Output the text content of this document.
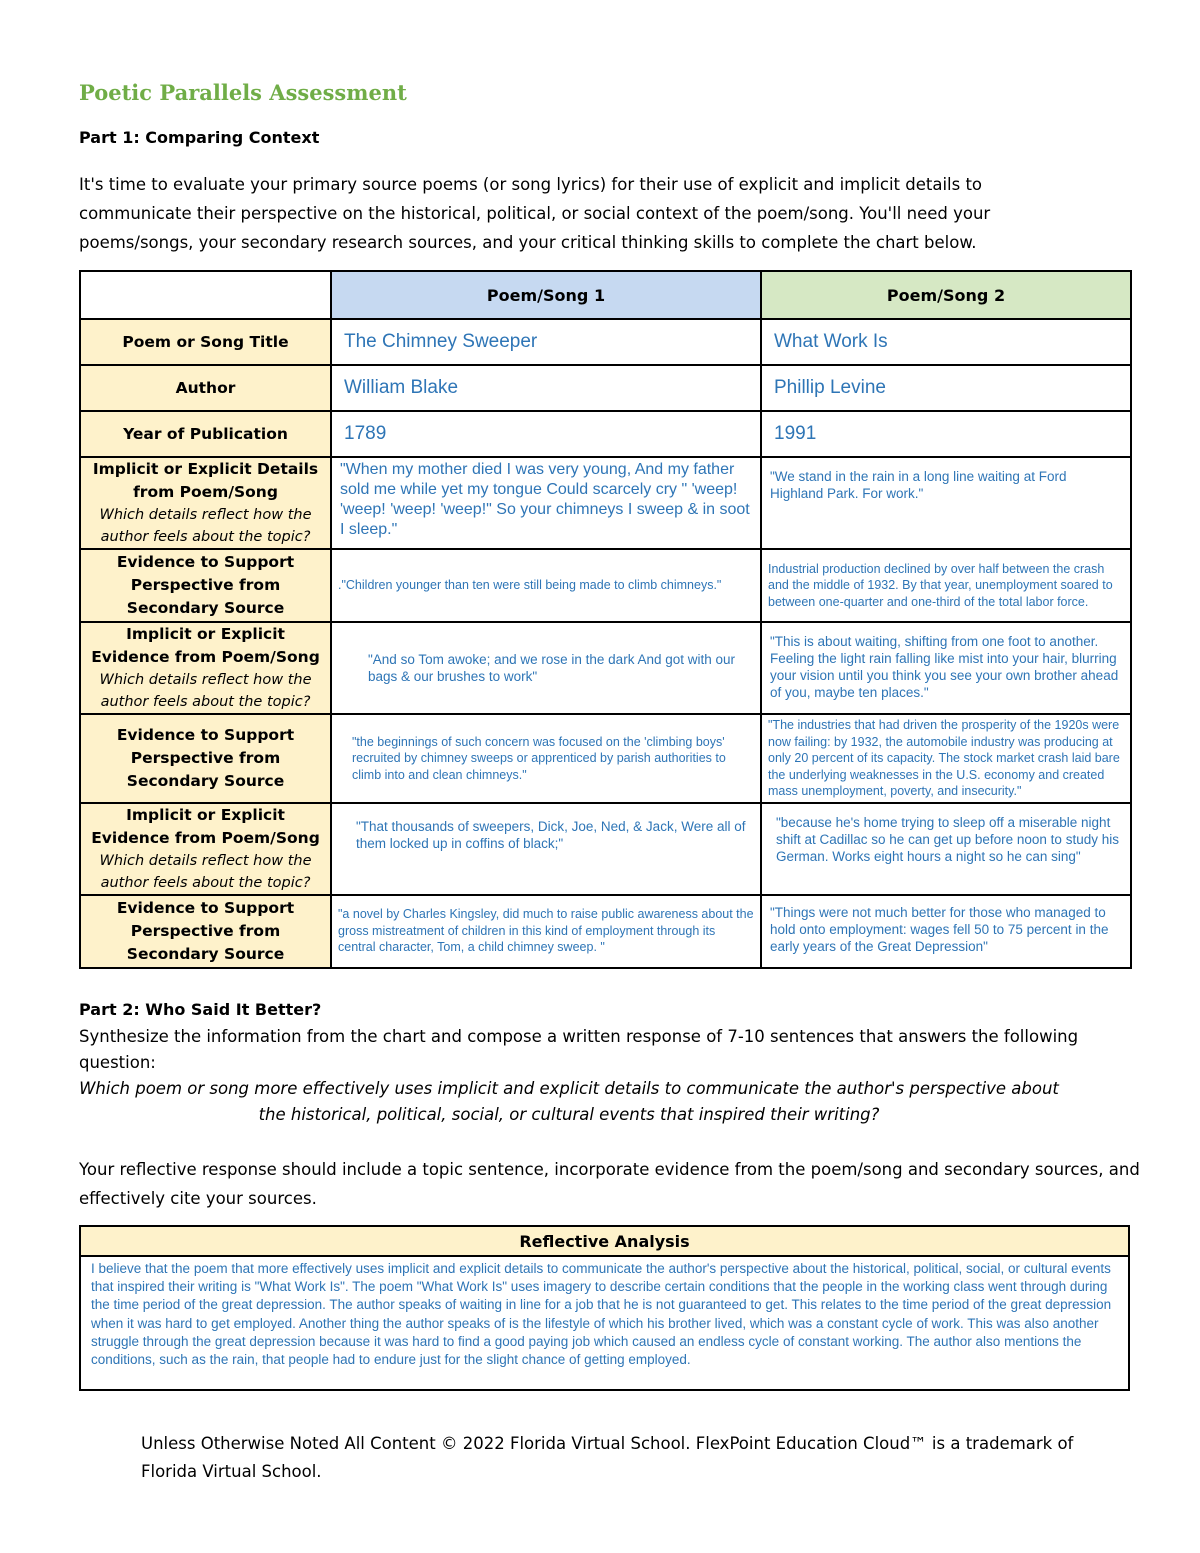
Poetic Parallels Assessment
Part 1: Comparing Context
It's time to evaluate your primary source poems (or song lyrics) for their use of explicit and implicit details to
communicate their perspective on the historical, political, or social context of the poem/song. You'll need your
poems/songs, your secondary research sources, and your critical thinking skills to complete the chart below.
	Poem/Song 1	Poem/Song 2

Poem or Song Title	The Chimney Sweeper	What Work Is

Author	William Blake	Phillip Levine

Year of Publication	1789	1991

Implicit or Explicit Details from Poem/Song
Which details reflect how the author feels about the topic?	"When my mother died I was very young, And my father sold me while yet my tongue Could scarcely cry " 'weep! 'weep! 'weep! 'weep!" So your chimneys I sweep & in soot I sleep."	"We stand in the rain in a long line waiting at Ford Highland Park. For work."

Evidence to Support Perspective from Secondary Source	."Children younger than ten were still being made to climb chimneys."	Industrial production declined by over half between the crash and the middle of 1932. By that year, unemployment soared to between one-quarter and one-third of the total labor force.

Implicit or Explicit Evidence from Poem/Song
Which details reflect how the author feels about the topic?	"And so Tom awoke; and we rose in the dark And got with our bags & our brushes to work"	"This is about waiting, shifting from one foot to another. Feeling the light rain falling like mist into your hair, blurring your vision until you think you see your own brother ahead of you, maybe ten places."

Evidence to Support Perspective from Secondary Source	"the beginnings of such concern was focused on the 'climbing boys' recruited by chimney sweeps or apprenticed by parish authorities to climb into and clean chimneys."	"The industries that had driven the prosperity of the 1920s were now failing: by 1932, the automobile industry was producing at only 20 percent of its capacity. The stock market crash laid bare the underlying weaknesses in the U.S. economy and created mass unemployment, poverty, and insecurity."

Implicit or Explicit Evidence from Poem/Song
Which details reflect how the author feels about the topic?	"That thousands of sweepers, Dick, Joe, Ned, & Jack, Were all of them locked up in coffins of black;"	"because he's home trying to sleep off a miserable night shift at Cadillac so he can get up before noon to study his German. Works eight hours a night so he can sing"

Evidence to Support Perspective from Secondary Source	"a novel by Charles Kingsley, did much to raise public awareness about the gross mistreatment of children in this kind of employment through its central character, Tom, a child chimney sweep. "	"Things were not much better for those who managed to hold onto employment: wages fell 50 to 75 percent in the early years of the Great Depression"
Part 2: Who Said It Better?
Synthesize the information from the chart and compose a written response of 7-10 sentences that answers the following question:
Which poem or song more effectively uses implicit and explicit details to communicate the author's perspective about the historical, political, social, or cultural events that inspired their writing?
Your reflective response should include a topic sentence, incorporate evidence from the poem/song and secondary sources, and effectively cite your sources.
Reflective Analysis
I believe that the poem that more effectively uses implicit and explicit details to communicate the author's perspective about the historical, political, social, or cultural events that inspired their writing is "What Work Is". The poem "What Work Is" uses imagery to describe certain conditions that the people in the working class went through during the time period of the great depression. The author speaks of waiting in line for a job that he is not guaranteed to get. This relates to the time period of the great depression when it was hard to get employed. Another thing the author speaks of is the lifestyle of which his brother lived, which was a constant cycle of work. This was also another struggle through the great depression because it was hard to find a good paying job which caused an endless cycle of constant working. The author also mentions the conditions, such as the rain, that people had to endure just for the slight chance of getting employed.
Unless Otherwise Noted All Content © 2022 Florida Virtual School. FlexPoint Education Cloud™ is a trademark of Florida Virtual School.
